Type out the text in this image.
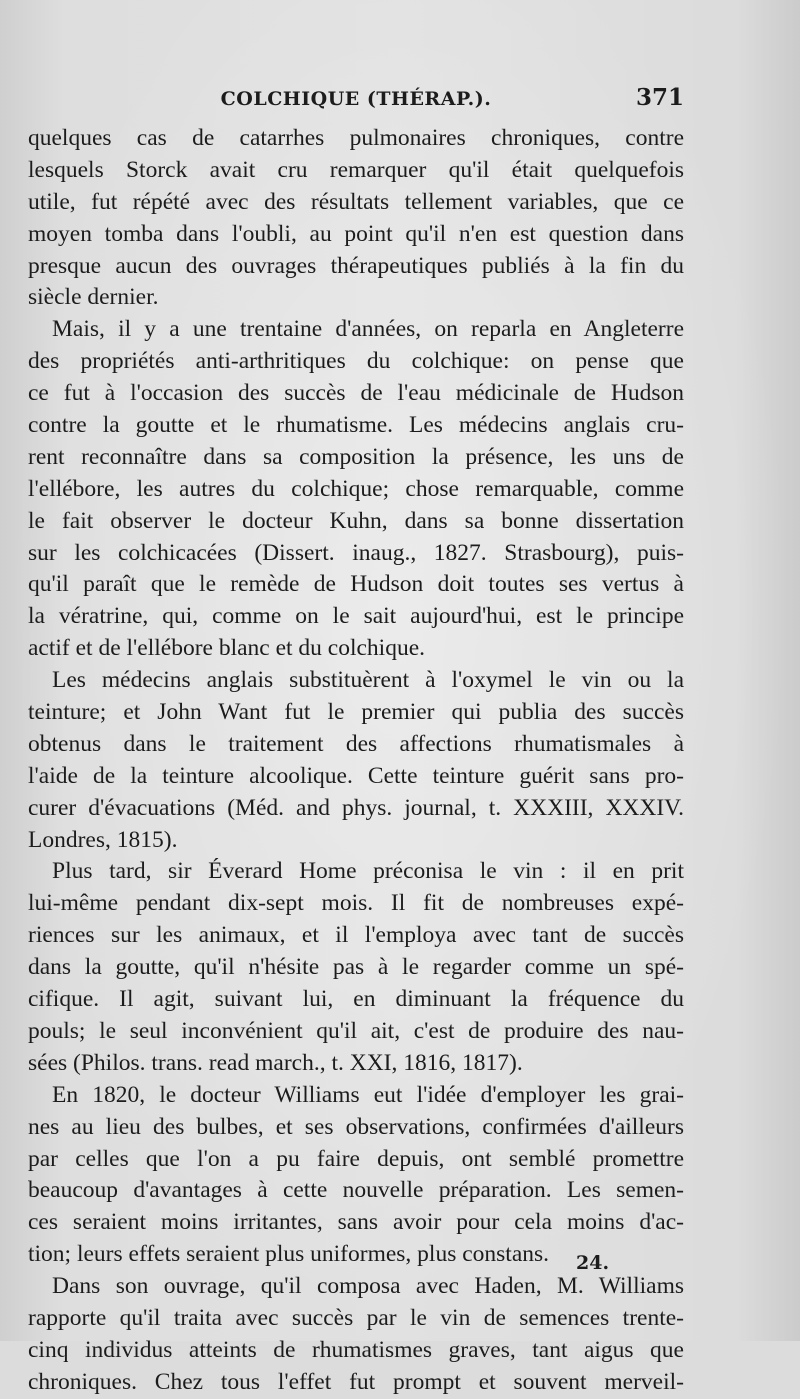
COLCHIQUE (THÉRAP.).	371
quelques cas de catarrhes pulmonaires chroniques, contre
lesquels Storck avait cru remarquer qu'il était quelquefois
utile, fut répété avec des résultats tellement variables, que ce
moyen tomba dans l'oubli, au point qu'il n'en est question dans
presque aucun des ouvrages thérapeutiques publiés à la fin du
siècle dernier.
Mais, il y a une trentaine d'années, on reparla en Angleterre
des propriétés anti-arthritiques du colchique: on pense que
ce fut à l'occasion des succès de l'eau médicinale de Hudson
contre la goutte et le rhumatisme. Les médecins anglais cru-
rent reconnaître dans sa composition la présence, les uns de
l'ellébore, les autres du colchique; chose remarquable, comme
le fait observer le docteur Kuhn, dans sa bonne dissertation
sur les colchicacées (Dissert. inaug., 1827. Strasbourg), puis-
qu'il paraît que le remède de Hudson doit toutes ses vertus à
la vératrine, qui, comme on le sait aujourd'hui, est le principe
actif et de l'ellébore blanc et du colchique.
Les médecins anglais substituèrent à l'oxymel le vin ou la
teinture; et John Want fut le premier qui publia des succès
obtenus dans le traitement des affections rhumatismales à
l'aide de la teinture alcoolique. Cette teinture guérit sans pro-
curer d'évacuations (Méd. and phys. journal, t. XXXIII, XXXIV.
Londres, 1815).
Plus tard, sir Éverard Home préconisa le vin : il en prit
lui-même pendant dix-sept mois. Il fit de nombreuses expé-
riences sur les animaux, et il l'employa avec tant de succès
dans la goutte, qu'il n'hésite pas à le regarder comme un spé-
cifique. Il agit, suivant lui, en diminuant la fréquence du
pouls; le seul inconvénient qu'il ait, c'est de produire des nau-
sées (Philos. trans. read march., t. XXI, 1816, 1817).
En 1820, le docteur Williams eut l'idée d'employer les grai-
nes au lieu des bulbes, et ses observations, confirmées d'ailleurs
par celles que l'on a pu faire depuis, ont semblé promettre
beaucoup d'avantages à cette nouvelle préparation. Les semen-
ces seraient moins irritantes, sans avoir pour cela moins d'ac-
tion; leurs effets seraient plus uniformes, plus constans.
Dans son ouvrage, qu'il composa avec Haden, M. Williams
rapporte qu'il traita avec succès par le vin de semences trente-
cinq individus atteints de rhumatismes graves, tant aigus que
chroniques. Chez tous l'effet fut prompt et souvent merveil-
24.
